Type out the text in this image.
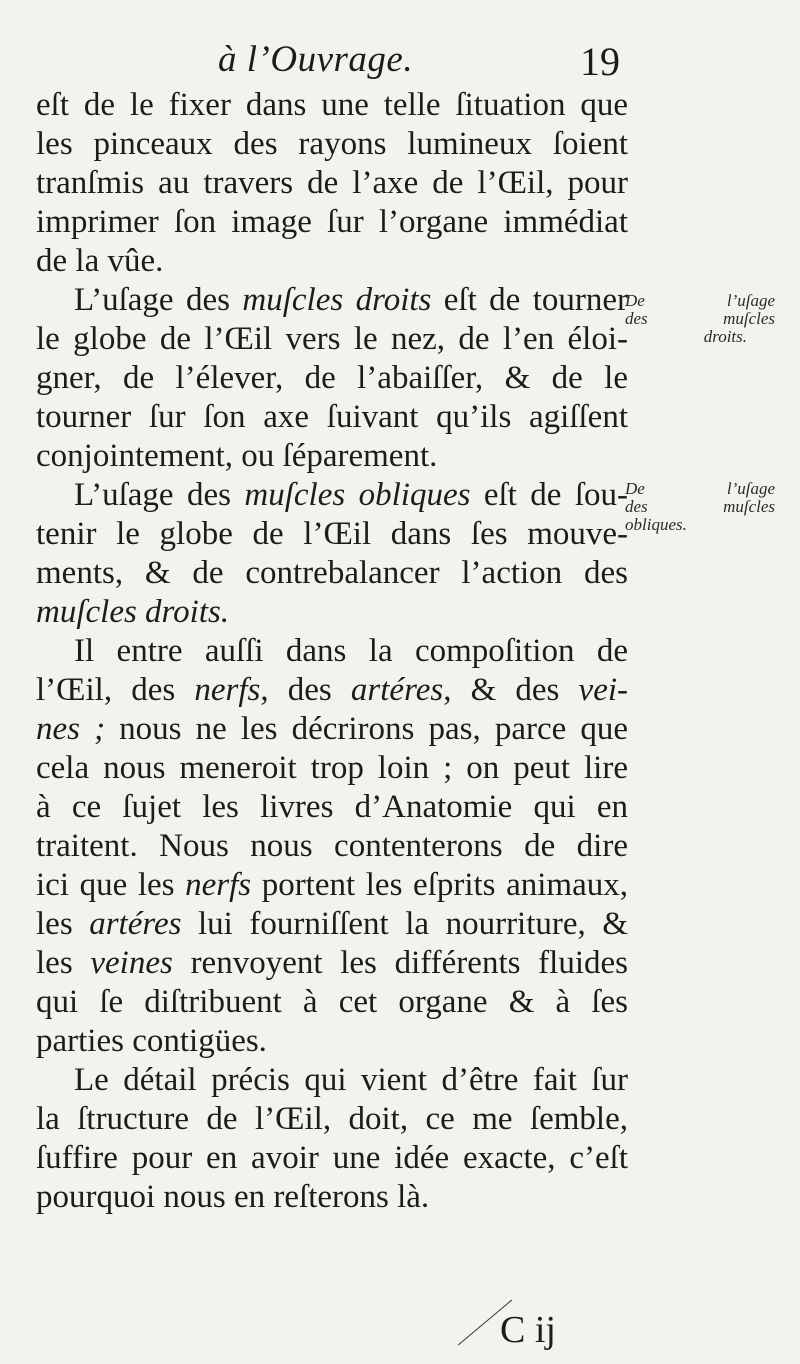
à l’Ouvrage.	19
eſt de le fixer dans une telle ſituation que
les pinceaux des rayons lumineux ſoient
tranſmis au travers de l’axe de l’Œil, pour
imprimer ſon image ſur l’organe immédiat
de la vûe.
L’uſage des muſcles droits eſt de tourner
le globe de l’Œil vers le nez, de l’en éloi-
gner, de l’élever, de l’abaiſſer, & de le
tourner ſur ſon axe ſuivant qu’ils agiſſent
conjointement, ou ſéparement.
L’uſage des muſcles obliques eſt de ſou-
tenir le globe de l’Œil dans ſes mouve-
ments, & de contrebalancer l’action des
muſcles droits.
Il entre auſſi dans la compoſition de
l’Œil, des nerfs, des artéres, & des vei-
nes ; nous ne les décrirons pas, parce que
cela nous meneroit trop loin ; on peut lire
à ce ſujet les livres d’Anatomie qui en
traitent. Nous nous contenterons de dire
ici que les nerfs portent les eſprits animaux,
les artéres lui fourniſſent la nourriture, &
les veines renvoyent les différents fluides
qui ſe diſtribuent à cet organe & à ſes
parties contigües.
Le détail précis qui vient d’être fait ſur
la ſtructure de l’Œil, doit, ce me ſemble,
ſuffire pour en avoir une idée exacte, c’eſt
pourquoi nous en reſterons là.
De	l’uſage
des	muſcles
droits.
De	l’uſage
des	muſcles
obliques.
C ij
